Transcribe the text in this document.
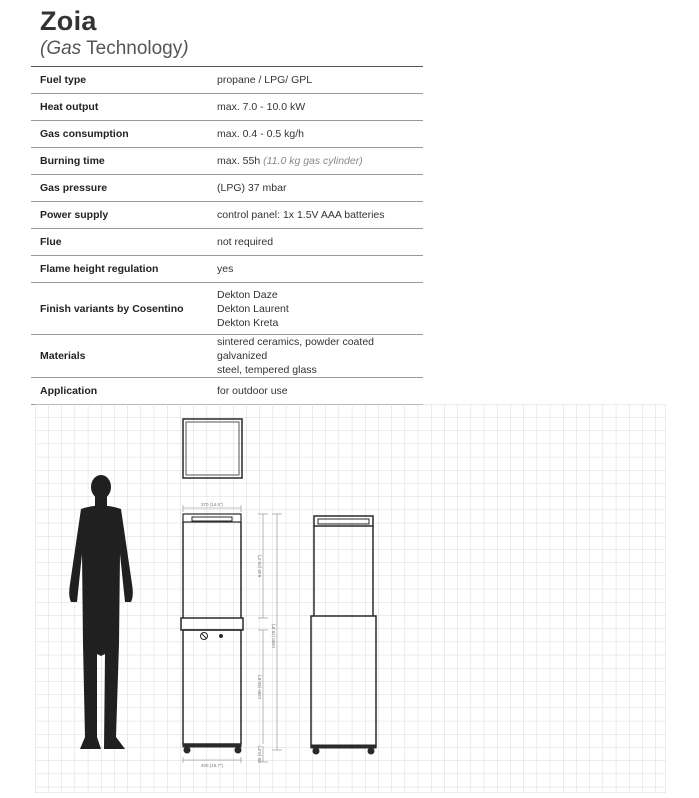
Zoia
(Gas Technology)
Fuel type	propane / LPG/ GPL
Heat output	max. 7.0 - 10.0 kW
Gas consumption	max. 0.4 - 0.5 kg/h
Burning time	max. 55h (11.0 kg gas cylinder)
Gas pressure	(LPG) 37 mbar
Power supply	control panel: 1x 1.5V AAA batteries
Flue	not required
Flame height regulation	yes
Finish variants by Cosentino	Dekton Daze
Dekton Laurent
Dekton Kreta

Materials	sintered ceramics, powder coated galvanized
steel, tempered glass

Application	for outdoor use
370 (14.6")
400 (15.7")
640 (25.2")
1950 (76.8")
1285 (50.6")
85 (3.3")
